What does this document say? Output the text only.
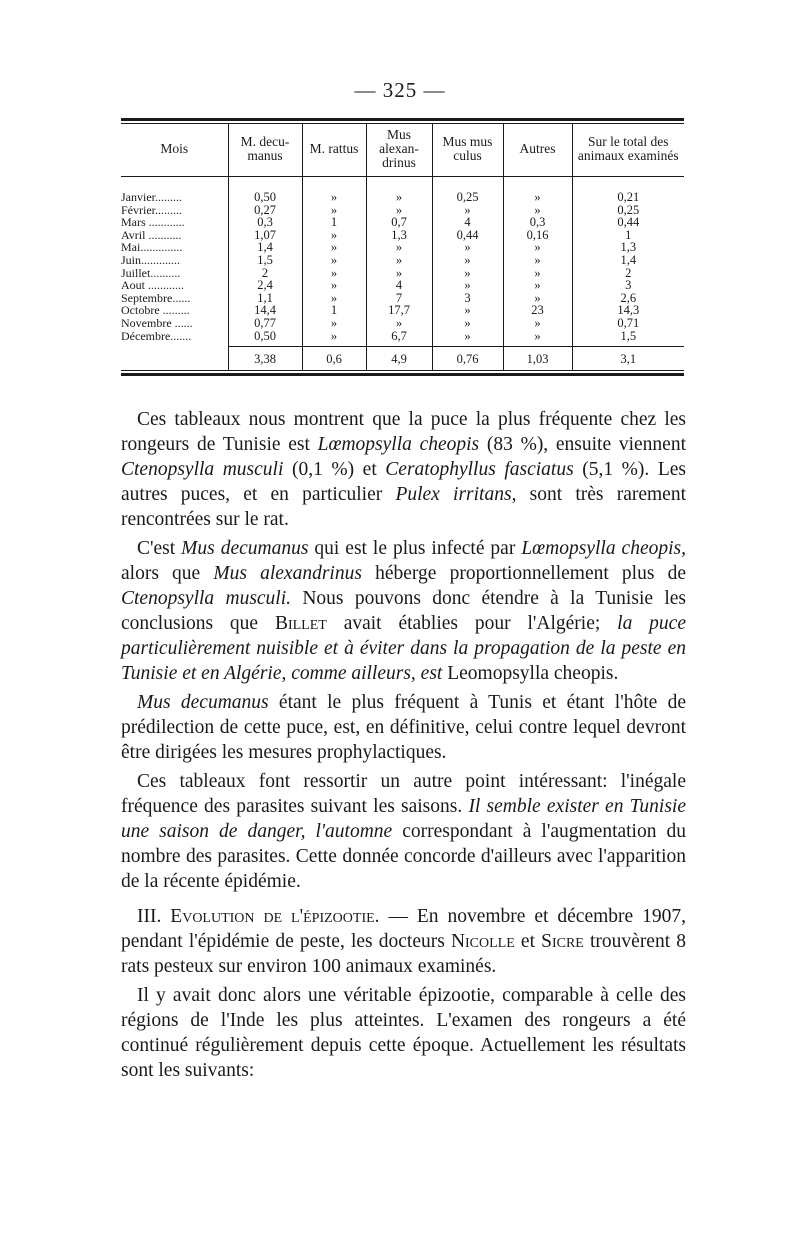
— 325 —
Mois	M. decu- manus	M. rattus	Mus alexan- drinus	Mus mus culus	Autres	Sur le total des animaux examinés

Janvier.........	0,50	»	»	0,25	»	0,21
Février.........	0,27	»	»	»	»	0,25
Mars ............	0,3	1	0,7	4	0,3	0,44
Avril ...........	1,07	»	1,3	0,44	0,16	1
Mai..............	1,4	»	»	»	»	1,3
Juin.............	1,5	»	»	»	»	1,4
Juillet..........	2	»	»	»	»	2
Aout ............	2,4	»	4	»	»	3
Septembre......	1,1	»	7	3	»	2,6
Octobre .........	14,4	1	17,7	»	23	14,3
Novembre ......	0,77	»	»	»	»	0,71
Décembre.......	0,50	»	6,7	»	»	1,5
	3,38	0,6	4,9	0,76	1,03	3,1

Ces tableaux nous montrent que la puce la plus fréquente chez les rongeurs de Tunisie est Lœmopsylla cheopis (83 %), ensuite viennent Ctenopsylla musculi (0,1 %) et Ceratophyllus fasciatus (5,1 %). Les autres puces, et en particulier Pulex irritans, sont très rarement rencontrées sur le rat.

C'est Mus decumanus qui est le plus infecté par Lœmopsylla cheopis, alors que Mus alexandrinus héberge proportionnellement plus de Ctenopsylla musculi. Nous pouvons donc étendre à la Tunisie les conclusions que Billet avait établies pour l'Algérie; la puce particulièrement nuisible et à éviter dans la propagation de la peste en Tunisie et en Algérie, comme ailleurs, est Leomopsylla cheopis.

Mus decumanus étant le plus fréquent à Tunis et étant l'hôte de prédilection de cette puce, est, en définitive, celui contre lequel devront être dirigées les mesures prophylactiques.

Ces tableaux font ressortir un autre point intéressant: l'inégale fréquence des parasites suivant les saisons. Il semble exister en Tunisie une saison de danger, l'automne correspondant à l'augmentation du nombre des parasites. Cette donnée concorde d'ailleurs avec l'apparition de la récente épidémie.

III. Evolution de l'épizootie. — En novembre et décembre 1907, pendant l'épidémie de peste, les docteurs Nicolle et Sicre trouvèrent 8 rats pesteux sur environ 100 animaux examinés.

Il y avait donc alors une véritable épizootie, comparable à celle des régions de l'Inde les plus atteintes. L'examen des rongeurs a été continué régulièrement depuis cette époque. Actuellement les résultats sont les suivants:
